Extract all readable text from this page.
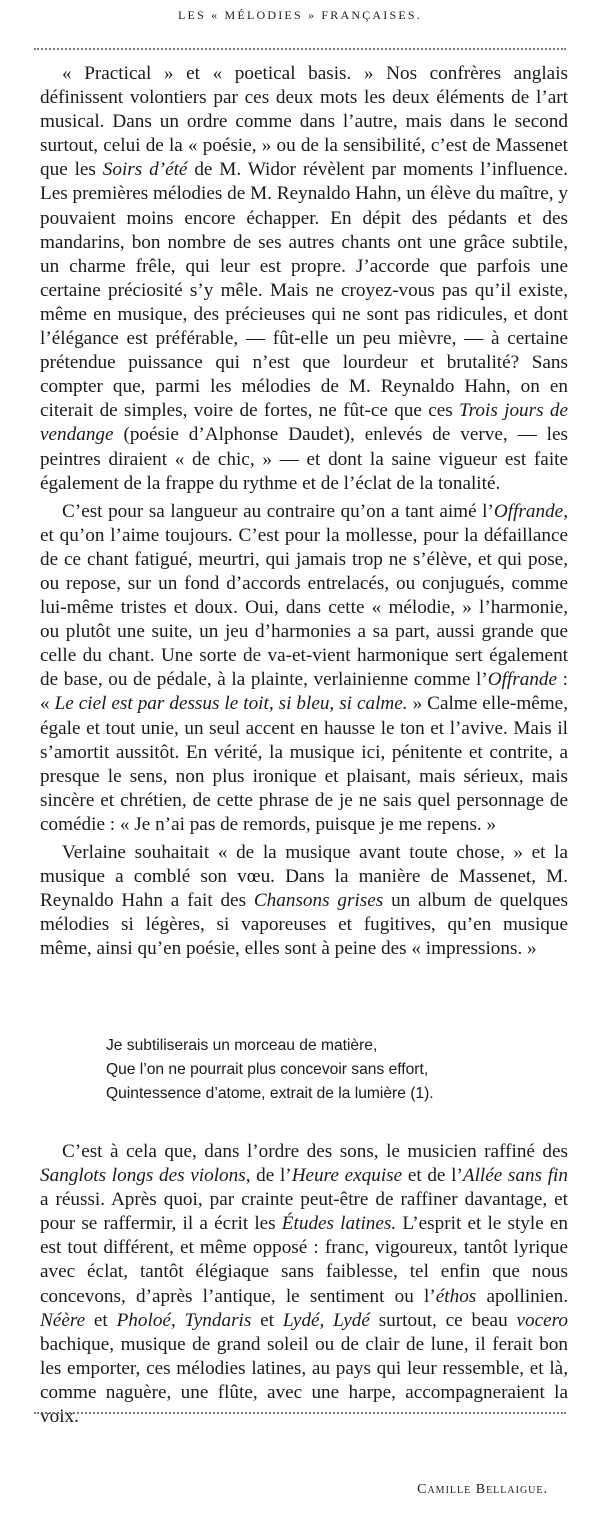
LES « MÉLODIES » FRANÇAISES.

« Practical » et « poetical basis. » Nos confrères anglais définissent volontiers par ces deux mots les deux éléments de l’art musical. Dans un ordre comme dans l’autre, mais dans le second surtout, celui de la « poésie, » ou de la sensibilité, c’est de Massenet que les Soirs d’été de M. Widor révèlent par moments l’influence. Les premières mélodies de M. Reynaldo Hahn, un élève du maître, y pouvaient moins encore échapper. En dépit des pédants et des mandarins, bon nombre de ses autres chants ont une grâce subtile, un charme frêle, qui leur est propre. J’accorde que parfois une certaine préciosité s’y mêle. Mais ne croyez-vous pas qu’il existe, même en musique, des précieuses qui ne sont pas ridicules, et dont l’élégance est préférable, — fût-elle un peu mièvre, — à certaine prétendue puissance qui n’est que lourdeur et brutalité? Sans compter que, parmi les mélodies de M. Reynaldo Hahn, on en citerait de simples, voire de fortes, ne fût-ce que ces Trois jours de vendange (poésie d’Alphonse Daudet), enlevés de verve, — les peintres diraient « de chic, » — et dont la saine vigueur est faite également de la frappe du rythme et de l’éclat de la tonalité.

C’est pour sa langueur au contraire qu’on a tant aimé l’Offrande, et qu’on l’aime toujours. C’est pour la mollesse, pour la défaillance de ce chant fatigué, meurtri, qui jamais trop ne s’élève, et qui pose, ou repose, sur un fond d’accords entrelacés, ou conjugués, comme lui-même tristes et doux. Oui, dans cette « mélodie, » l’harmonie, ou plutôt une suite, un jeu d’harmonies a sa part, aussi grande que celle du chant. Une sorte de va-et-vient harmonique sert également de base, ou de pédale, à la plainte, verlainienne comme l’Offrande : « Le ciel est par dessus le toit, si bleu, si calme. » Calme elle-même, égale et tout unie, un seul accent en hausse le ton et l’avive. Mais il s’amortit aussitôt. En vérité, la musique ici, pénitente et contrite, a presque le sens, non plus ironique et plaisant, mais sérieux, mais sincère et chrétien, de cette phrase de je ne sais quel personnage de comédie : « Je n’ai pas de remords, puisque je me repens. »

Verlaine souhaitait « de la musique avant toute chose, » et la musique a comblé son vœu. Dans la manière de Massenet, M. Reynaldo Hahn a fait des Chansons grises un album de quelques mélodies si légères, si vaporeuses et fugitives, qu’en musique même, ainsi qu’en poésie, elles sont à peine des « impressions. »

Je subtiliserais un morceau de matière,
Que l’on ne pourrait plus concevoir sans effort,
Quintessence d’atome, extrait de la lumière (1).

C’est à cela que, dans l’ordre des sons, le musicien raffiné des Sanglots longs des violons, de l’Heure exquise et de l’Allée sans fin a réussi. Après quoi, par crainte peut-être de raffiner davantage, et pour se raffermir, il a écrit les Études latines. L’esprit et le style en est tout différent, et même opposé : franc, vigoureux, tantôt lyrique avec éclat, tantôt élégiaque sans faiblesse, tel enfin que nous concevons, d’après l’antique, le sentiment ou l’éthos apollinien. Néère et Pholoé, Tyndaris et Lydé, Lydé surtout, ce beau vocero bachique, musique de grand soleil ou de clair de lune, il ferait bon les emporter, ces mélodies latines, au pays qui leur ressemble, et là, comme naguère, une flûte, avec une harpe, accompagneraient la voix.

Camille Bellaigue.
